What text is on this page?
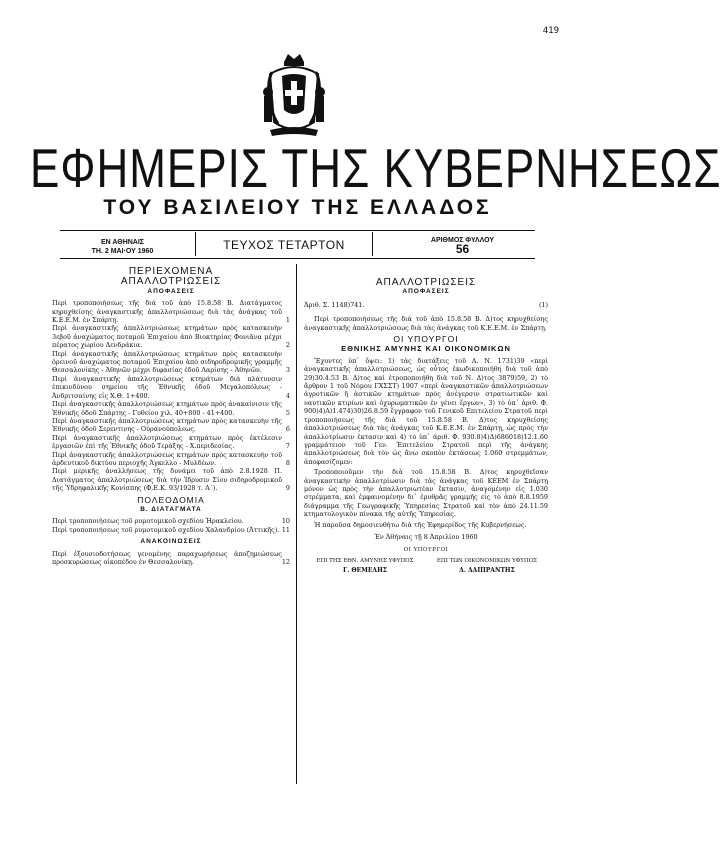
419
ΕΦΗΜΕΡΙΣ ΤΗΣ ΚΥΒΕΡΝΗΣΕΩΣ
ΤΟΥ ΒΑΣΙΛΕΙΟΥ ΤΗΣ ΕΛΛΑΔΟΣ
ΕΝ ΑΘΗΝΑΙΣ
ΤΗ. 2 ΜΑΙ·ΟΥ 1960	ΤΕΥΧΟΣ ΤΕΤΑΡΤΟΝ	ΑΡΙΘΜΟΣ ΦΥΛΛΟΥ
56
ΠΕΡΙΕΧΟΜΕΝΑ
ΑΠΑΛΛΟΤΡΙΩΣΕΙΣ
ΑΠΟΦΑΣΕΙΣ

Περὶ τροποποιήσεως τῆς διὰ τοῦ ἀπὸ 15.8.58 Β. Διατάγματος κηρυχθείσης ἀναγκαστικῆς ἀπαλλοτριώσεως διὰ τὰς ἀνάγκας τοῦ Κ.Ε.Ε.Μ. ἐν Σπάρτῃ.	1

Περὶ ἀναγκαστικῆς ἀπαλλοτριώσεως κτημάτων πρὸς κατασκευὴν 3εβοῦ ἀναχώματος ποταμοῦ Ἐπιχαίου ἀπὸ Βιοκτηρίας Φονιᾶνα μέχρι πέρατος χωρίου Δενδράκια.	2

Περὶ ἀναγκαστικῆς ἀπαλλοτριώσεως κτημάτων πρὸς κατασκευὴν ὀρεινοῦ ἀναχώματος ποταμοῦ Ἐπιχαίου ἀπὸ σιδηροδρομικῆς γραμμῆς Θεσσαλονίκης - Ἀθηνῶν μέχρι διφασίας ἐδοῦ Λαρίσης - Ἀθηνῶν.	3

Περὶ ἀναγκαστικῆς ἀπαλλοτριώσεως κτημάτων διὰ πλάτυνσιν ἐπικινδύνου σημείου τῆς Ἐθνικῆς ὁδοῦ Μεγαλοπόλεως - Ἀνδριτσαίνης εἰς Χ.Θ. 1+400.	4

Περὶ ἀναγκαστικῆς ἀπαλλοτριώσεως κτημάτων πρὸς ἀνακαίνισιν τῆς Ἐθνικῆς ὁδοῦ Σπάρτης - Γυθείου χιλ. 40+800 - 41+400.	5

Περὶ ἀναγκαστικῆς ἀπαλλοτριώσεως κτημάτων πρὸς κατασκευὴν τῆς Ἐθνικῆς ὁδοῦ Σερεντινης - Οὐρανούπολεως.	6

Περὶ ἀναγκαστικῆς ἀπαλλοτριώσεως κτημάτων πρὸς ἐκτέλεσιν ἐργασιῶν ἐπὶ τῆς Ἐθνικῆς ὁδοῦ Τεράξης - Χ.περιδεσίας.	7

Περὶ ἀναγκαστικῆς ἀπαλλοτριώσεως κτημάτων πρὸς κατασκευὴν τοῦ ἀρδευτικοῦ δικτύου περιοχῆς Ἀγκελλο - Μυλδέων.	8

Περὶ μερικῆς ἀναλλήσεως τῆς δυνάμει τοῦ ἀπὸ 2.8.1928 Π. Διατάγματος ἀπαλλοτριώσεως διὰ τὴν Ἰδρυσιν Σίου σιδηροδρομικοῦ τῆς Ὑδρηφαλικῆς Κονίσπης (Φ.Ε.Κ. 93/1928 τ. Α΄).	9

ΠΟΛΕΟΔΟΜΙΑ
Β. ΔΙΑΤΑΓΜΑΤΑ

Περὶ τροποποιήσεως τοῦ ρυμοτομικοῦ σχεδίου Ἡρακλείου.	10

Περὶ τροποποιήσεως τοῦ ρυμοτομικοῦ σχεδίου Χαλανδρίου (Ἀττικῆς). 11

ΑΝΑΚΟΙΝΩΣΕΙΣ

Περὶ ἐξουσιοδοτήσεως γενομένης παραχωρήσεως ἀποζημιώσεως προσκυρώσεως οἰκοπέδου ἐν Θεσσαλονίκῃ.	12

ΑΠΑΛΛΟΤΡΙΩΣΕΙΣ
ΑΠΟΦΑΣΕΙΣ
Ἀριθ. Σ. 1148)741.	(1)

Περὶ τροποποιήσεως τῆς διὰ τοῦ ἀπὸ 15.8.58 Β. Δ)τος κηρυχθείσης ἀναγκαστικῆς ἀπαλλοτριώσεως διὰ τὰς ἀνάγκας τοῦ Κ.Ε.Ε.Μ. ἐν Σπάρτῃ.

ΟΙ ΥΠΟΥΡΓΟΙ
ΕΘΝΙΚΗΣ ΑΜΥΝΗΣ ΚΑΙ ΟΙΚΟΝΟΜΙΚΩΝ

Ἔχοντες ὑπ᾽ ὄψει: 1) τὰς διατάξεις τοῦ Α. Ν. 1731)39 «περὶ ἀναγκαστικῆς ἀπαλλοτριώσεως, ὡς οὗτος ἐκωδικοποιήθη διὰ τοῦ ἀπὸ 29)30.4.53 Β. Δ)τος καὶ ἐτροποποιήθη διὰ τοῦ Ν. Δ)τος 3879)59, 2) τὸ ἄρθρον 1 τοῦ Νόμου ΓΧΣΣΤ) 1907 «περὶ ἀναγκαστικῶν ἀπαλλοτριώσεων ἀγροτικῶν ἢ ἀστικῶν κτημάτων πρὸς ἀνέγερσιν στρατιωτικῶν καὶ ναυτικῶν κτιρίων καὶ ὀχυρωματικῶν ἐν γένει ἔργων», 3) τὸ ὑπ᾽ ἀριθ. Φ. 900)4)Α)1.474)30)26.8.59 ἔγγραφον τοῦ Γενικοῦ Επιτελείου Στρατοῦ περὶ τροποποιήσεως τῆς διὰ τοῦ 15.8.58 Β. Δ)τος κηρυχθείσης ἀπαλλοτριώσεως διὰ τὰς ἀνάγκας τοῦ Κ.Ε.Ε.Μ. ἐν Σπάρτῃ, ὡς πρὸς τὴν ἀπαλλοτρίωσιν ἐκτασιν καὶ 4) τὸ ὑπ᾽ ἀριθ. Φ. 930.8)4)Δ)686018)12.1.60 γραμμάτειον τοῦ Γεν. Ἐπιτελείου Στρατοῦ περὶ τῆς ἀνάγκης ἀπαλλοτριώσεως διὰ τὸν ὡς ἄνω σκοπὸν ἐκτάσεως 1.060 στρεμμάτων, ἀποφασίζομεν:

Τροποποιοῦμεν τὴν διὰ τοῦ 15.8.58 Β. Δ)τος κηρυχθεῖσαν ἀναγκαστικὴν ἀπαλλοτρίωσιν διὰ τὰς ἀνάγκας τοῦ ΚΕΕΜ ἐν Σπάρτῃ μόνον ὡς πρὸς τὴν ἀπαλλοτριωτέαν ἔκτασιν, ἀναγομένην εἰς 1.030 στρέμματα, καὶ ἐμφαινομένην δι᾽ ἐρυθρᾶς γραμμῆς εἰς τὸ ἀπὸ 8.8.1959 διάγραμμα τῆς Γεωγραφικῆς Ὑπηρεσίας Στρατοῦ καὶ τὸν ἀπὸ 24.11.59 κτηματολογικὸν πίνακα τῆς αὐτῆς Ὑπηρεσίας.

Ἡ παροῦσα δημοσιευθήτω διὰ τῆς Ἐφημερίδος τῆς Κυβερνήσεως.

Ἐν Ἀθήναις τῇ 8 Ἀπριλίου 1960
ΟΙ ΥΠΟΥΡΓΟΙ
ΕΠΙ ΤΗΣ ΕΘΝ. ΑΜΥΝΗΣ ΥΦΥΠΟΣ	ΕΠΙ ΤΩΝ ΟΙΚΟΝΟΜΙΚΩΝ ΥΦΥΠΟΣ
Γ. ΘΕΜΕΛΗΣ	Δ. ΔΑΙΠΡΑΝΤΗΣ
